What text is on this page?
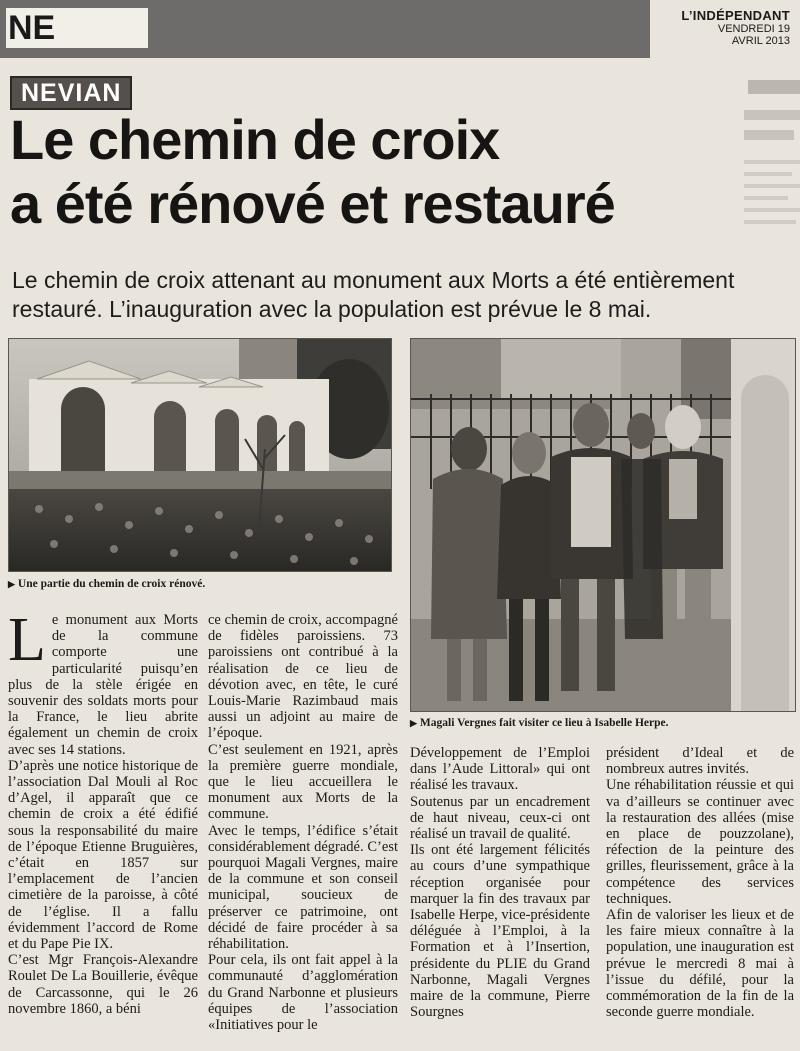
NE	L’INDÉPENDANT
VENDREDI 19
AVRIL 2013
NEVIAN
Le chemin de croix
a été rénové et restauré

Le chemin de croix attenant au monument aux Morts a été entièrement restauré. L’inauguration avec la population est prévue le 8 mai.

▶ Une partie du chemin de croix rénové.
▶ Magali Vergnes fait visiter ce lieu à Isabelle Herpe.

Le monument aux Morts de la commune comporte une particularité puisqu’en plus de la stèle érigée en souvenir des soldats morts pour la France, le lieu abrite également un chemin de croix avec ses 14 stations.

D’après une notice historique de l’association Dal Mouli al Roc d’Agel, il apparaît que ce chemin de croix a été édifié sous la responsabilité du maire de l’époque Etienne Bruguières, c’était en 1857 sur l’emplacement de l’ancien cimetière de la paroisse, à côté de l’église. Il a fallu évidemment l’accord de Rome et du Pape Pie IX.

C’est Mgr François-Alexandre Roulet De La Bouillerie, évêque de Carcassonne, qui le 26 novembre 1860, a béni

ce chemin de croix, accompagné de fidèles paroissiens. 73 paroissiens ont contribué à la réalisation de ce lieu de dévotion avec, en tête, le curé Louis-Marie Razimbaud mais aussi un adjoint au maire de l’époque.

C’est seulement en 1921, après la première guerre mondiale, que le lieu accueillera le monument aux Morts de la commune.

Avec le temps, l’édifice s’était considérablement dégradé. C’est pourquoi Magali Vergnes, maire de la commune et son conseil municipal, soucieux de préserver ce patrimoine, ont décidé de faire procéder à sa réhabilitation.

Pour cela, ils ont fait appel à la communauté d’agglomération du Grand Narbonne et plusieurs équipes de l’association «Initiatives pour le

Développement de l’Emploi dans l’Aude Littoral» qui ont réalisé les travaux.

Soutenus par un encadrement de haut niveau, ceux-ci ont réalisé un travail de qualité.

Ils ont été largement félicités au cours d’une sympathique réception organisée pour marquer la fin des travaux par Isabelle Herpe, vice-présidente déléguée à l’Emploi, à la Formation et à l’Insertion, présidente du PLIE du Grand Narbonne, Magali Vergnes maire de la commune, Pierre Sourgnes

président d’Ideal et de nombreux autres invités.

Une réhabilitation réussie et qui va d’ailleurs se continuer avec la restauration des allées (mise en place de pouzzolane), réfection de la peinture des grilles, fleurissement, grâce à la compétence des services techniques.

Afin de valoriser les lieux et de les faire mieux connaître à la population, une inauguration est prévue le mercredi 8 mai à l’issue du défilé, pour la commémoration de la fin de la seconde guerre mondiale.
